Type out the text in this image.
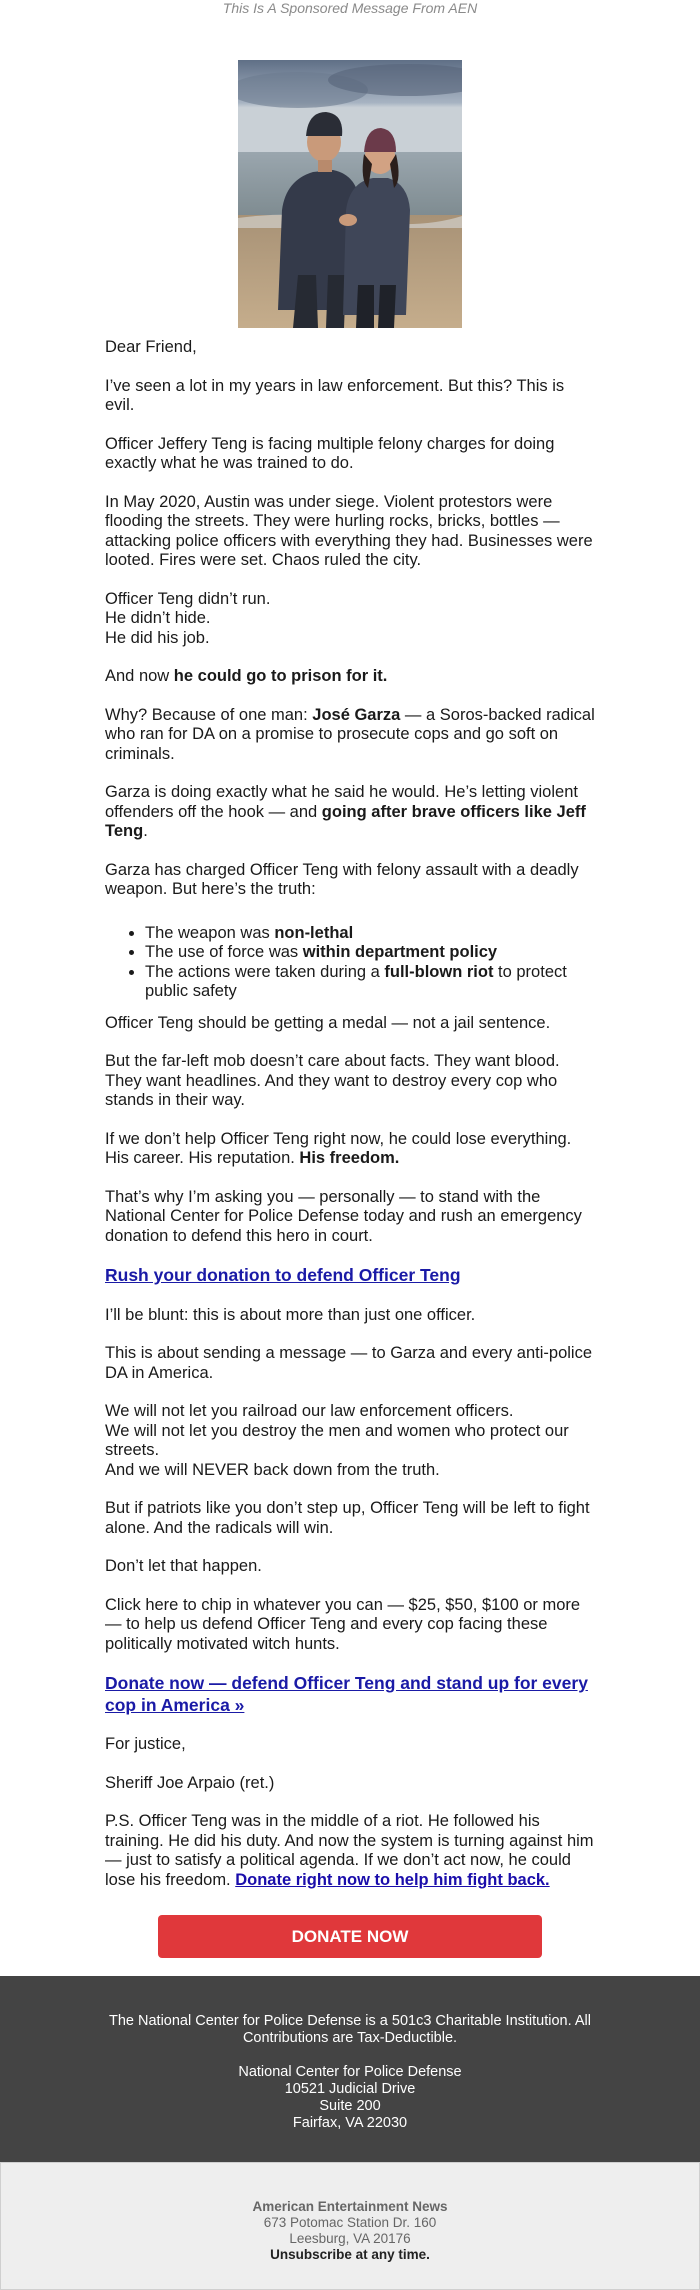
This Is A Sponsored Message From AEN

Dear Friend,

I’ve seen a lot in my years in law enforcement. But this? This is evil.

Officer Jeffery Teng is facing multiple felony charges for doing exactly what he was trained to do.

In May 2020, Austin was under siege. Violent protestors were flooding the streets. They were hurling rocks, bricks, bottles — attacking police officers with everything they had. Businesses were looted. Fires were set. Chaos ruled the city.

Officer Teng didn’t run.
He didn’t hide.
He did his job.

And now he could go to prison for it.

Why? Because of one man: José Garza — a Soros-backed radical who ran for DA on a promise to prosecute cops and go soft on criminals.

Garza is doing exactly what he said he would. He’s letting violent offenders off the hook — and going after brave officers like Jeff Teng.

Garza has charged Officer Teng with felony assault with a deadly weapon. But here’s the truth:

• The weapon was non-lethal
• The use of force was within department policy
• The actions were taken during a full-blown riot to protect public safety

Officer Teng should be getting a medal — not a jail sentence.

But the far-left mob doesn’t care about facts. They want blood. They want headlines. And they want to destroy every cop who stands in their way.

If we don’t help Officer Teng right now, he could lose everything. His career. His reputation. His freedom.

That’s why I’m asking you — personally — to stand with the National Center for Police Defense today and rush an emergency donation to defend this hero in court.

Rush your donation to defend Officer Teng

I’ll be blunt: this is about more than just one officer.

This is about sending a message — to Garza and every anti-police DA in America.

We will not let you railroad our law enforcement officers.
We will not let you destroy the men and women who protect our streets.
And we will NEVER back down from the truth.

But if patriots like you don’t step up, Officer Teng will be left to fight alone. And the radicals will win.

Don’t let that happen.

Click here to chip in whatever you can — $25, $50, $100 or more — to help us defend Officer Teng and every cop facing these politically motivated witch hunts.

Donate now — defend Officer Teng and stand up for every cop in America »

For justice,

Sheriff Joe Arpaio (ret.)

P.S. Officer Teng was in the middle of a riot. He followed his training. He did his duty. And now the system is turning against him — just to satisfy a political agenda. If we don’t act now, he could lose his freedom. Donate right now to help him fight back.

DONATE NOW

The National Center for Police Defense is a 501c3 Charitable Institution. All Contributions are Tax-Deductible.

National Center for Police Defense
10521 Judicial Drive
Suite 200
Fairfax, VA 22030
American Entertainment News
673 Potomac Station Dr. 160
Leesburg, VA 20176
Unsubscribe at any time.
